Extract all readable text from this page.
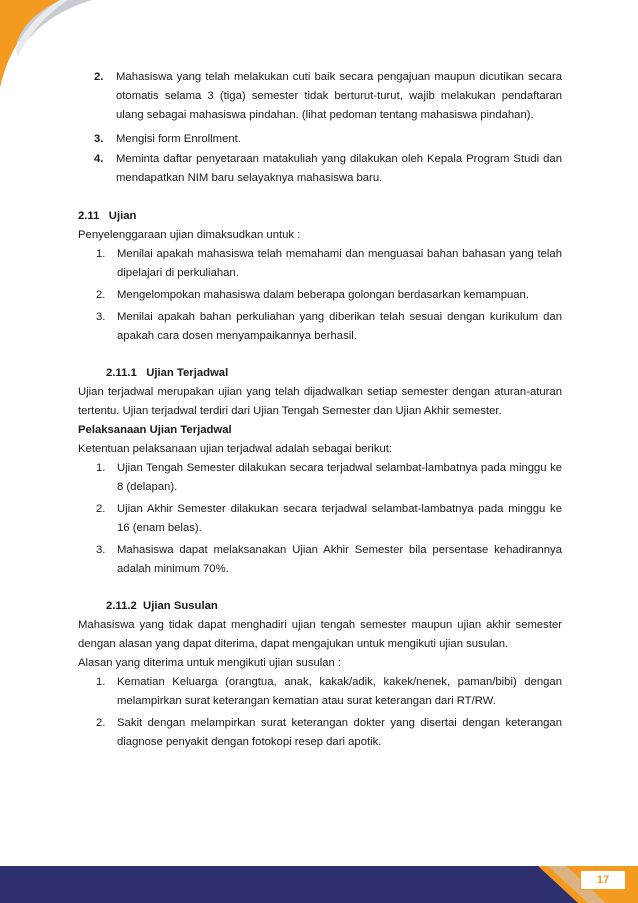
2. Mahasiswa yang telah melakukan cuti baik secara pengajuan maupun dicutikan secara otomatis selama 3 (tiga) semester tidak berturut-turut, wajib melakukan pendaftaran ulang sebagai mahasiswa pindahan. (lihat pedoman tentang mahasiswa pindahan).
3. Mengisi form Enrollment.
4. Meminta daftar penyetaraan matakuliah yang dilakukan oleh Kepala Program Studi dan mendapatkan NIM baru selayaknya mahasiswa baru.
2.11   Ujian

Penyelenggaraan ujian dimaksudkan untuk :

1. Menilai apakah mahasiswa telah memahami dan menguasai bahan bahasan yang telah dipelajari di perkuliahan.
2. Mengelompokan mahasiswa dalam beberapa golongan berdasarkan kemampuan.
3. Menilai apakah bahan perkuliahan yang diberikan telah sesuai dengan kurikulum dan apakah cara dosen menyampaikannya berhasil.
2.11.1   Ujian Terjadwal

Ujian terjadwal merupakan ujian yang telah dijadwalkan setiap semester dengan aturan-aturan tertentu. Ujian terjadwal terdiri dari Ujian Tengah Semester dan Ujian Akhir semester.

Pelaksanaan Ujian Terjadwal

Ketentuan pelaksanaan ujian terjadwal adalah sebagai berikut:

1. Ujian Tengah Semester dilakukan secara terjadwal selambat-lambatnya pada minggu ke 8 (delapan).
2. Ujian Akhir Semester dilakukan secara terjadwal selambat-lambatnya pada minggu ke 16 (enam belas).
3. Mahasiswa dapat melaksanakan Ujian Akhir Semester bila persentase kehadirannya adalah minimum 70%.
2.11.2  Ujian Susulan

Mahasiswa yang tidak dapat menghadiri ujian tengah semester maupun ujian akhir semester dengan alasan yang dapat diterima, dapat mengajukan untuk mengikuti ujian susulan.

Alasan yang diterima untuk mengikuti ujian susulan :

1. Kematian Keluarga (orangtua, anak, kakak/adik, kakek/nenek, paman/bibi) dengan melampirkan surat keterangan kematian atau surat keterangan dari RT/RW.
2. Sakit dengan melampirkan surat keterangan dokter yang disertai dengan keterangan diagnose penyakit dengan fotokopi resep dari apotik.
17
